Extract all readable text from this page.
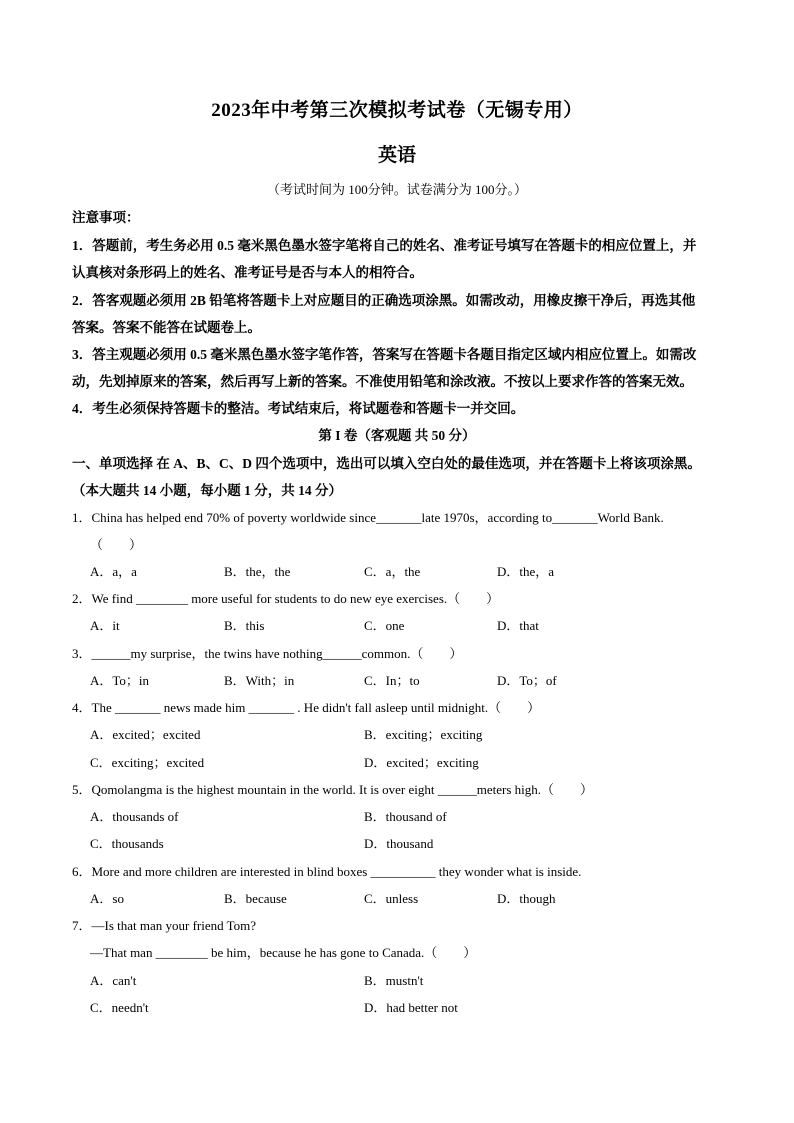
2023年中考第三次模拟考试卷（无锡专用）
英语
（考试时间为 100分钟。试卷满分为 100分。）
注意事项：
1．答题前，考生务必用 0.5 毫米黑色墨水签字笔将自己的姓名、准考证号填写在答题卡的相应位置上，并
认真核对条形码上的姓名、准考证号是否与本人的相符合。
2．答客观题必须用 2B 铅笔将答题卡上对应题目的正确选项涂黑。如需改动，用橡皮擦干净后，再选其他
答案。答案不能答在试题卷上。
3．答主观题必须用 0.5 毫米黑色墨水签字笔作答，答案写在答题卡各题目指定区域内相应位置上。如需改
动，先划掉原来的答案，然后再写上新的答案。不准使用铅笔和涂改液。不按以上要求作答的答案无效。
4．考生必须保持答题卡的整洁。考试结束后，将试题卷和答题卡一并交回。
第 I 卷（客观题 共 50 分）
一、单项选择 在 A、B、C、D 四个选项中，选出可以填入空白处的最佳选项，并在答题卡上将该项涂黑。
（本大题共 14 小题，每小题 1 分，共 14 分）
1．China has helped end 70% of poverty worldwide since_______late 1970s，according to_______World Bank.
（　　）
A．a，a	B．the，the	C．a，the	D．the，a
2．We find ________ more useful for students to do new eye exercises.（　　）
A．it	B．this	C．one	D．that
3．______my surprise，the twins have nothing______common.（　　）
A．To；in	B．With；in	C．In；to	D．To；of
4．The _______ news made him _______ . He didn't fall asleep until midnight.（　　）
A．excited；excited	B．exciting；exciting
C．exciting；excited	D．excited；exciting
5．Qomolangma is the highest mountain in the world. It is over eight ______meters high.（　　）
A．thousands of	B．thousand of
C．thousands	D．thousand
6．More and more children are interested in blind boxes __________ they wonder what is inside.
A．so	B．because	C．unless	D．though
7．—Is that man your friend Tom?
—That man ________ be him，because he has gone to Canada.（　　）
A．can't	B．mustn't
C．needn't	D．had better not
